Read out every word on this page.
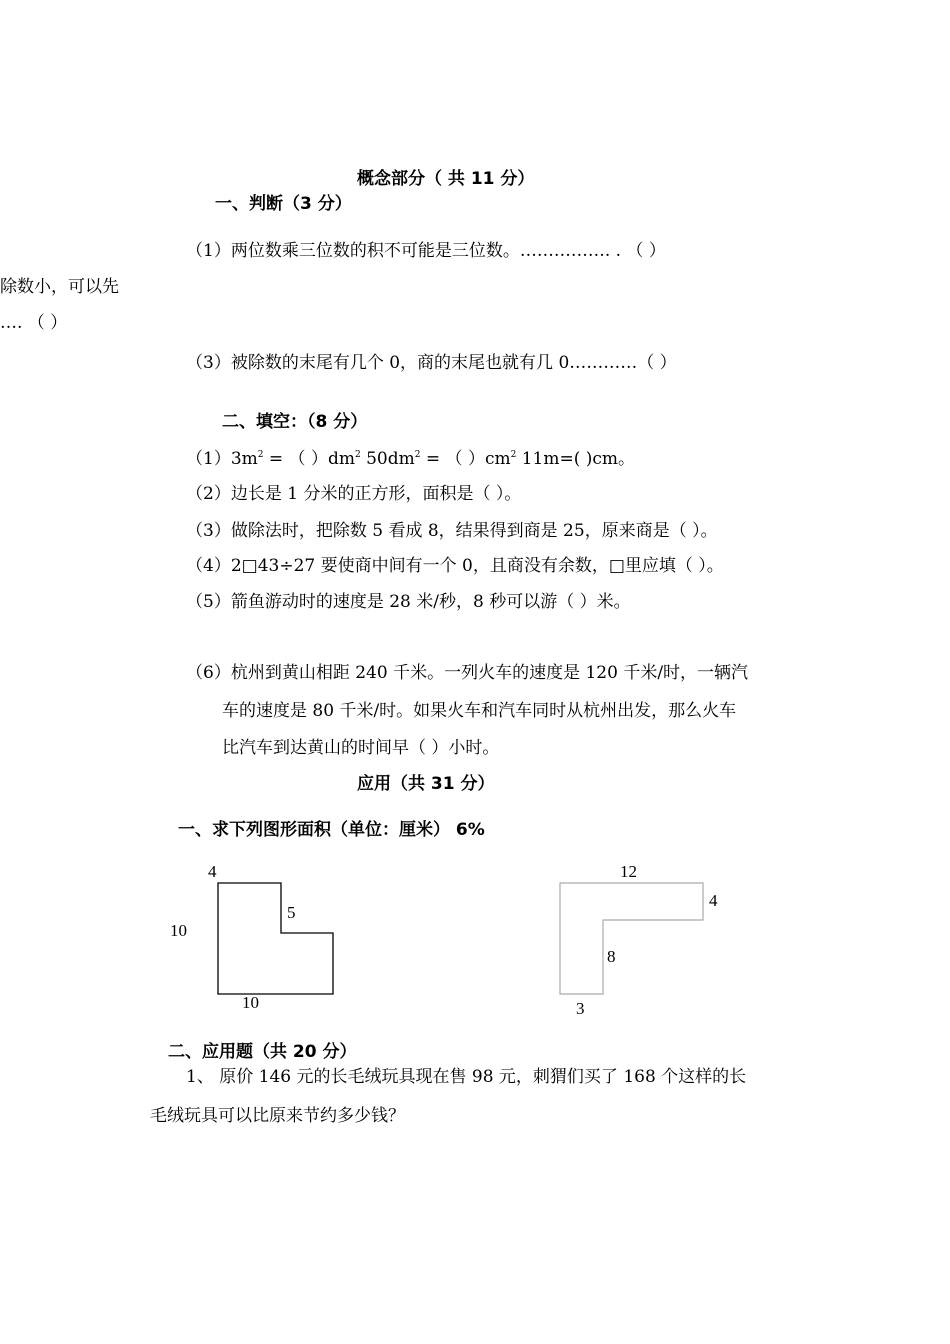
概念部分（ 共 11 分）
一、判断（3 分）
（1）两位数乘三位数的积不可能是三位数。……………. . （ ）
除数小，可以先
…. （ ）
（3）被除数的末尾有几个 0，商的末尾也就有几 0…………（ ）
二、填空：（8 分）
$(1)3m^2$ = （ ）$dm^2$ $50dm^2$ = （ ）$cm^2$ 11m=( )cm。
（2）边长是 1 分米的正方形，面积是（ ）。
（3）做除法时，把除数 5 看成 8，结果得到商是 25，原来商是（ ）。
（4）2□43÷27 要使商中间有一个 0，且商没有余数，□里应填（ ）。
（5）箭鱼游动时的速度是 28 米/秒，8 秒可以游（ ）米。
（6）杭州到黄山相距 240 千米。一列火车的速度是 120 千米/时，一辆汽
车的速度是 80 千米/时。如果火车和汽车同时从杭州出发，那么火车
比汽车到达黄山的时间早（ ）小时。
应用（共 31 分）
一、求下列图形面积（单位：厘米） 6%
4
10
5
10
12
4
8
3
二、应用题（共 20 分）
1、 原价 146 元的长毛绒玩具现在售 98 元，刺猬们买了 168 个这样的长
毛绒玩具可以比原来节约多少钱？
